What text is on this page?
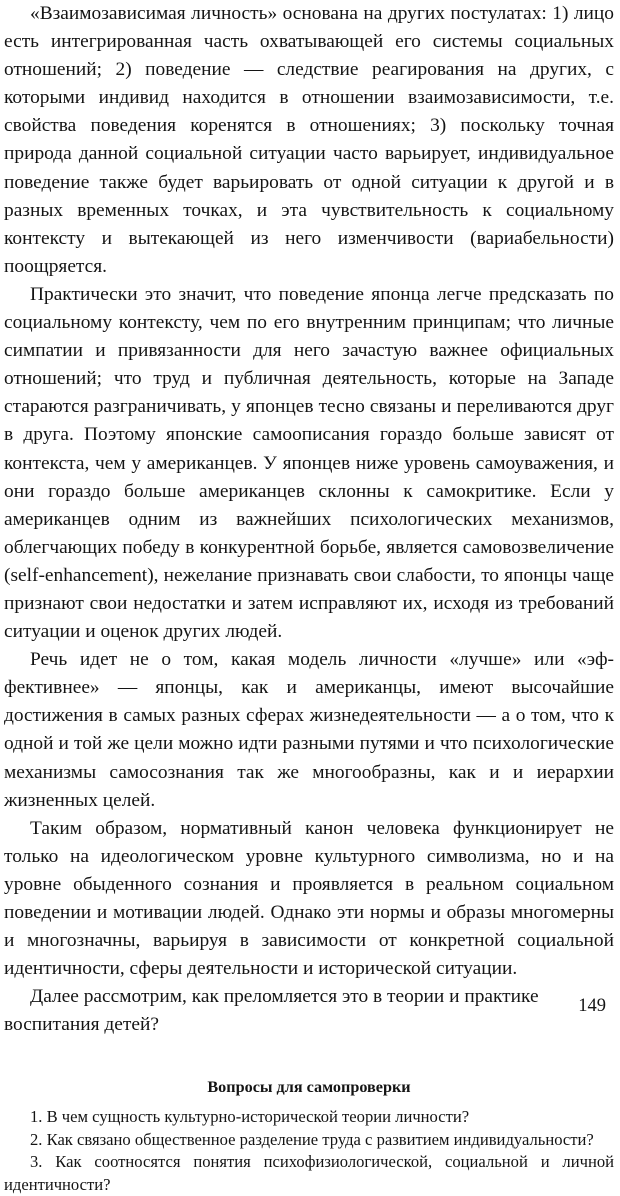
«Взаимозависимая личность» основана на других постулатах: 1) лицо есть интегрированная часть охватывающей его системы социальных отношений; 2) поведение — следствие реагирования на других, с которыми индивид находится в отношении взаимозависимости, т.е. свойства поведения коренятся в отношениях; 3) поскольку точная природа данной социальной ситуации часто варьирует, индивидуальное поведение также будет варьировать от одной ситуации к другой и в разных временных точках, и эта чувствительность к социальному контексту и вытекающей из него изменчивости (вариабельности) поощряется.

Практически это значит, что поведение японца легче предсказать по социальному контексту, чем по его внутренним принципам; что личные симпатии и привязанности для него зачастую важнее официальных отношений; что труд и публичная деятельность, которые на Западе стараются разграничивать, у японцев тесно связаны и переливаются друг в друга. Поэтому японские самоописания гораздо больше зависят от контекста, чем у американцев. У японцев ниже уровень самоуважения, и они гораздо больше американцев склонны к самокритике. Если у американцев одним из важнейших психологических механизмов, облегчающих победу в конкурентной борьбе, является самовозвеличение (self-enhancement), нежелание признавать свои слабости, то японцы чаще признают свои недостатки и затем исправляют их, исходя из требований ситуации и оценок других людей.

Речь идет не о том, какая модель личности «лучше» или «эффективнее» — японцы, как и американцы, имеют высочайшие достижения в самых разных сферах жизнедеятельности — а о том, что к одной и той же цели можно идти разными путями и что психологические механизмы самосознания так же многообразны, как и и иерархии жизненных целей.

Таким образом, нормативный канон человека функционирует не только на идеологическом уровне культурного символизма, но и на уровне обыденного сознания и проявляется в реальном социальном поведении и мотивации людей. Однако эти нормы и образы многомерны и многозначны, варьируя в зависимости от конкретной социальной идентичности, сферы деятельности и исторической ситуации.

Далее рассмотрим, как преломляется это в теории и практике воспитания детей?

Вопросы для самопроверки

1. В чем сущность культурно-исторической теории личности?

2. Как связано общественное разделение труда с развитием индивидуальности?

3. Как соотносятся понятия психофизиологической, социальной и личной идентичности?

149
